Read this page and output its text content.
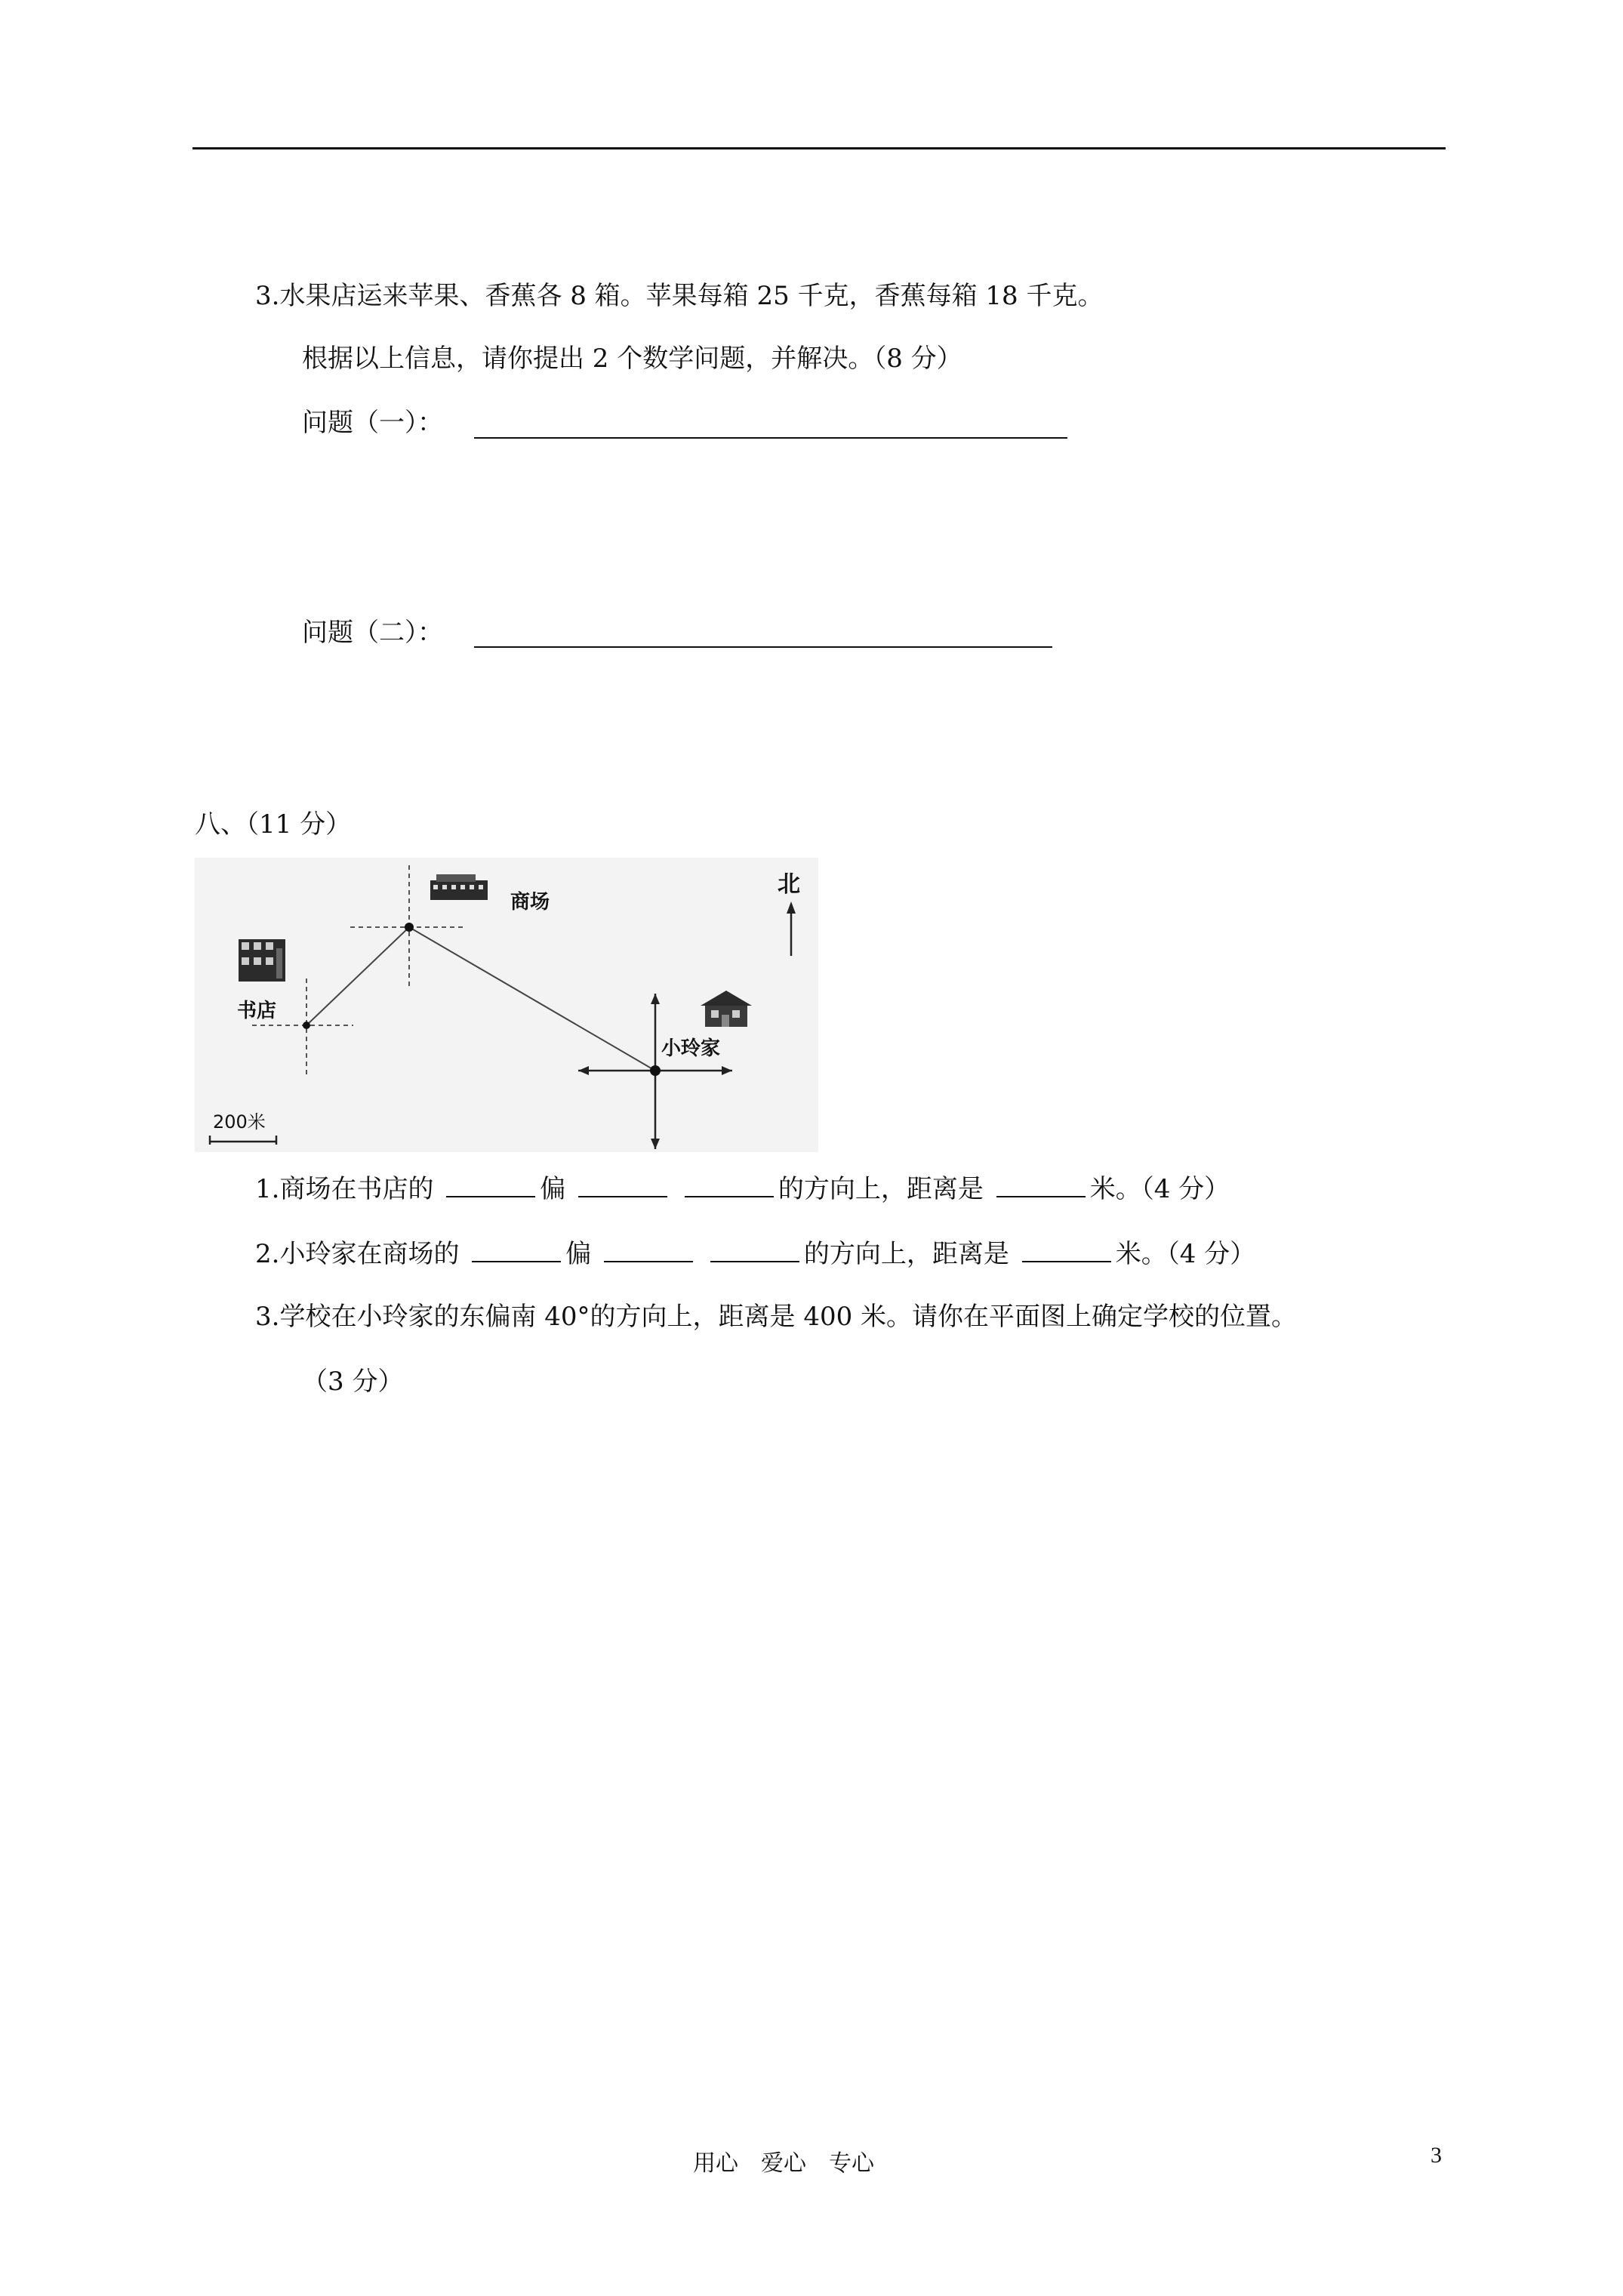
3.水果店运来苹果、香蕉各 8 箱。苹果每箱 25 千克，香蕉每箱 18 千克。
根据以上信息，请你提出 2 个数学问题，并解决。（8 分）
问题（一）：
问题（二）：
八、（11 分）
商场
书店
小玲家
北
200米
1.商场在书店的	偏	的方向上，距离是	米。（4 分）
2.小玲家在商场的	偏	的方向上，距离是	米。（4 分）
3.学校在小玲家的东偏南 40°的方向上，距离是 400 米。请你在平面图上确定学校的位置。
（3 分）
用心　爱心　专心	3
